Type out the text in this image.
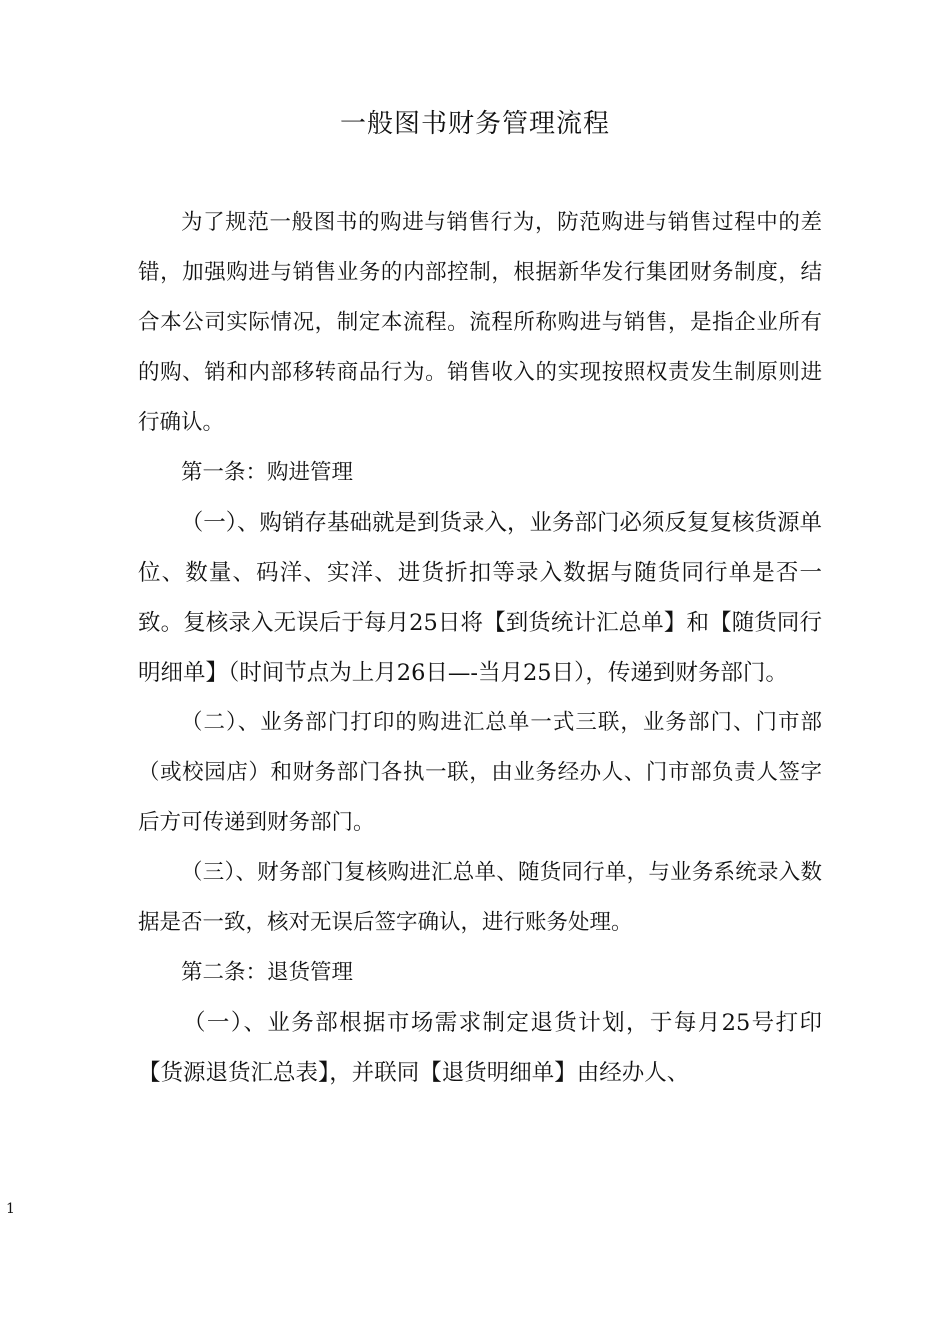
一般图书财务管理流程

为了规范一般图书的购进与销售行为，防范购进与销售过程中的差错，加强购进与销售业务的内部控制，根据新华发行集团财务制度，结合本公司实际情况，制定本流程。流程所称购进与销售，是指企业所有的购、销和内部移转商品行为。销售收入的实现按照权责发生制原则进行确认。

第一条：购进管理

（一）、购销存基础就是到货录入，业务部门必须反复复核货源单位、数量、码洋、实洋、进货折扣等录入数据与随货同行单是否一致。复核录入无误后于每月25日将【到货统计汇总单】和【随货同行明细单】（时间节点为上月26日—-当月25日），传递到财务部门。

（二）、业务部门打印的购进汇总单一式三联，业务部门、门市部（或校园店）和财务部门各执一联，由业务经办人、门市部负责人签字后方可传递到财务部门。

（三）、财务部门复核购进汇总单、随货同行单，与业务系统录入数据是否一致，核对无误后签字确认，进行账务处理。

第二条：退货管理

（一）、业务部根据市场需求制定退货计划，于每月25号打印【货源退货汇总表】，并联同【退货明细单】由经办人、

1
